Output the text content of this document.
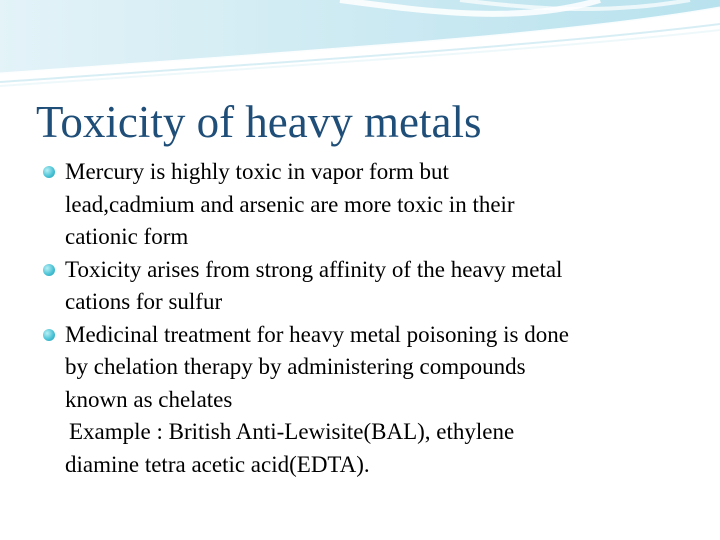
Toxicity of heavy metals
Mercury is highly toxic in vapor form but
lead,cadmium and arsenic are more toxic in their
cationic form
Toxicity arises from strong affinity of the heavy metal
cations for sulfur
Medicinal treatment for heavy metal poisoning is done
by chelation therapy by administering compounds
known as chelates
Example : British Anti-Lewisite(BAL), ethylene
diamine tetra acetic acid(EDTA).
